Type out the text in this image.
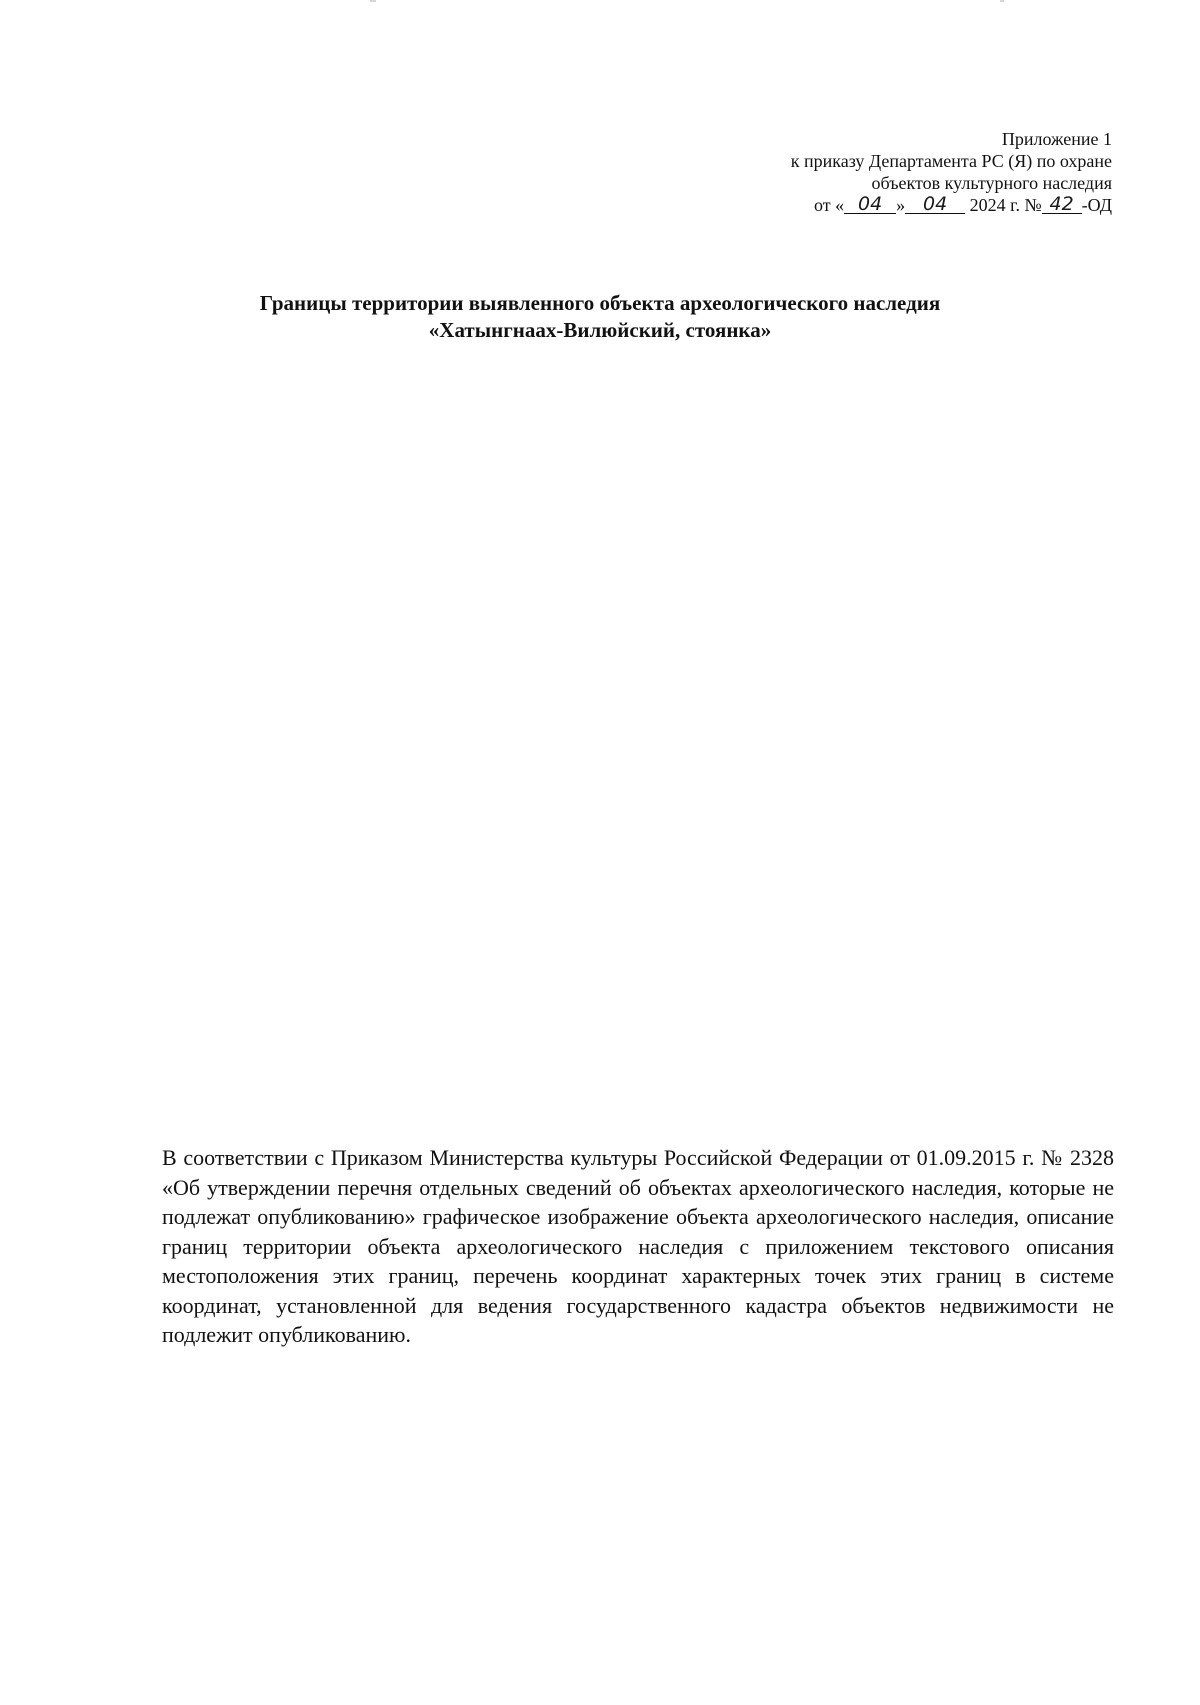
Приложение 1
к приказу Департамента РС (Я) по охране
объектов культурного наследия
от « 04 » 04 2024 г. № 42 -ОД
Границы территории выявленного объекта археологического наследия
«Хатынгнаах-Вилюйский, стоянка»
В соответствии с Приказом Министерства культуры Российской Федерации от 01.09.2015 г. № 2328 «Об утверждении перечня отдельных сведений об объектах археологического наследия, которые не подлежат опубликованию» графическое изображение объекта археологического наследия, описание границ территории объекта археологического наследия с приложением текстового описания местоположения этих границ, перечень координат характерных точек этих границ в системе координат, установленной для ведения государственного кадастра объектов недвижимости не подлежит опубликованию.
